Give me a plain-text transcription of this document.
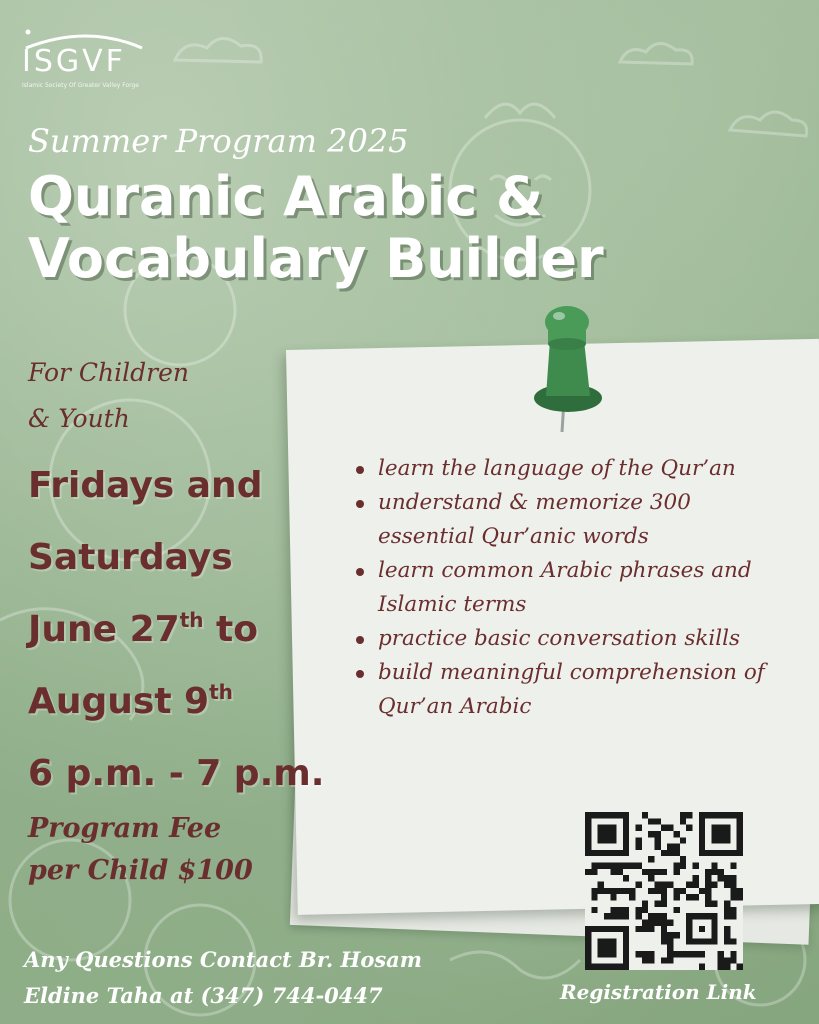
ISGVF
Islamic Society Of Greater Valley Forge
Summer Program 2025
Quranic Arabic &
Vocabulary Builder
For Children
& Youth
Fridays and
Saturdays
June 27th to
August 9th
6 p.m. - 7 p.m.
Program Fee
per Child $100
learn the language of the Qur’an
understand & memorize 300 essential Qur’anic words
learn common Arabic phrases and Islamic terms
practice basic conversation skills
build meaningful comprehension of Qur’an Arabic
Registration Link
Any Questions Contact Br. Hosam
Eldine Taha at (347) 744-0447
